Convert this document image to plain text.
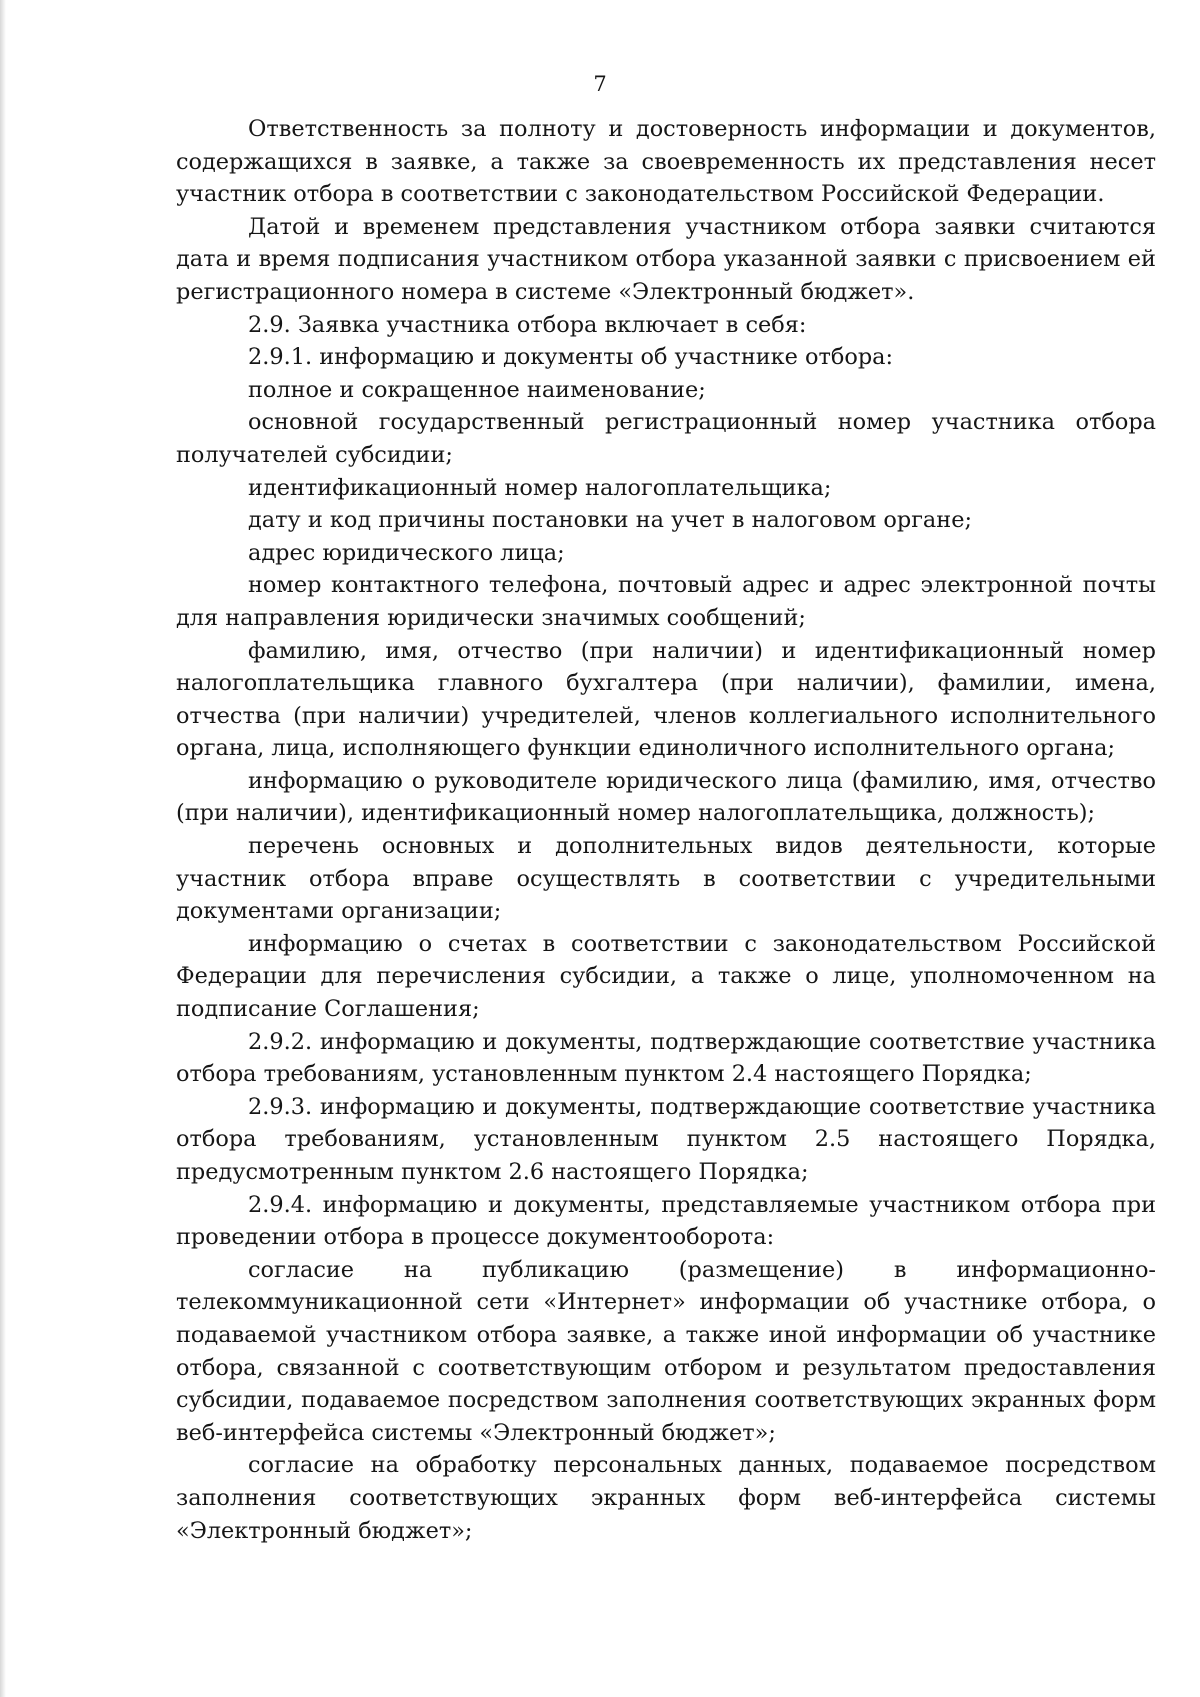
7

Ответственность за полноту и достоверность информации и документов, содержащихся в заявке, а также за своевременность их представления несет участник отбора в соответствии с законодательством Российской Федерации.

Датой и временем представления участником отбора заявки считаются дата и время подписания участником отбора указанной заявки с присвоением ей регистрационного номера в системе «Электронный бюджет».

2.9. Заявка участника отбора включает в себя:

2.9.1. информацию и документы об участнике отбора:

полное и сокращенное наименование;

основной государственный регистрационный номер участника отбора получателей субсидии;

идентификационный номер налогоплательщика;

дату и код причины постановки на учет в налоговом органе;

адрес юридического лица;

номер контактного телефона, почтовый адрес и адрес электронной почты для направления юридически значимых сообщений;

фамилию, имя, отчество (при наличии) и идентификационный номер налогоплательщика главного бухгалтера (при наличии), фамилии, имена, отчества (при наличии) учредителей, членов коллегиального исполнительного органа, лица, исполняющего функции единоличного исполнительного органа;

информацию о руководителе юридического лица (фамилию, имя, отчество (при наличии), идентификационный номер налогоплательщика, должность);

перечень основных и дополнительных видов деятельности, которые участник отбора вправе осуществлять в соответствии с учредительными документами организации;

информацию о счетах в соответствии с законодательством Российской Федерации для перечисления субсидии, а также о лице, уполномоченном на подписание Соглашения;

2.9.2. информацию и документы, подтверждающие соответствие участника отбора требованиям, установленным пунктом 2.4 настоящего Порядка;

2.9.3. информацию и документы, подтверждающие соответствие участника отбора требованиям, установленным пунктом 2.5 настоящего Порядка, предусмотренным пунктом 2.6 настоящего Порядка;

2.9.4. информацию и документы, представляемые участником отбора при проведении отбора в процессе документооборота:

согласие на публикацию (размещение) в информационно-телекоммуникационной сети «Интернет» информации об участнике отбора, о подаваемой участником отбора заявке, а также иной информации об участнике отбора, связанной с соответствующим отбором и результатом предоставления субсидии, подаваемое посредством заполнения соответствующих экранных форм веб-интерфейса системы «Электронный бюджет»;

согласие на обработку персональных данных, подаваемое посредством заполнения соответствующих экранных форм веб-интерфейса системы «Электронный бюджет»;
